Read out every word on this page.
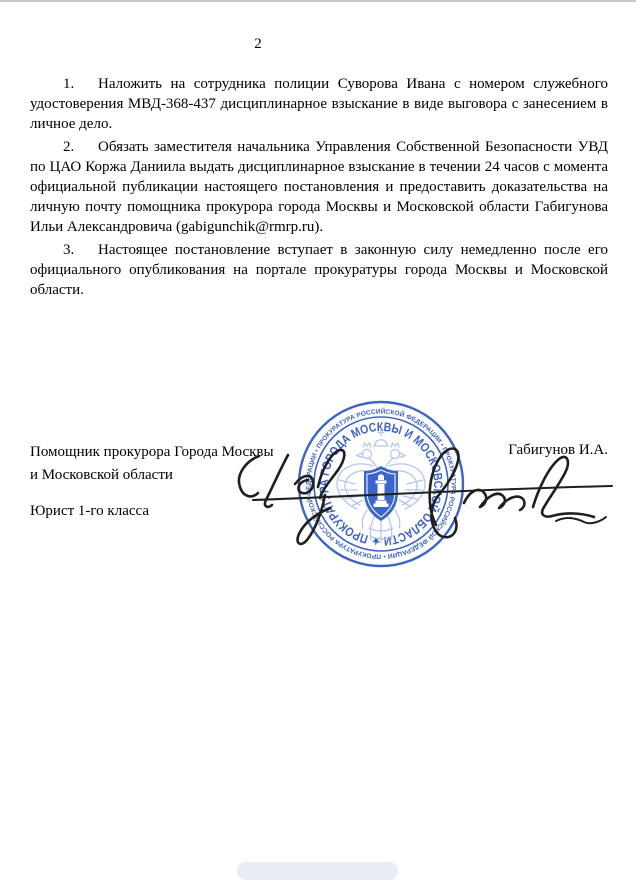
2

1. Наложить на сотрудника полиции Суворова Ивана с номером служебного удостоверения МВД-368-437 дисциплинарное взыскание в виде выговора с занесением в личное дело.

2. Обязать заместителя начальника Управления Собственной Безопасности УВД по ЦАО Коржа Даниила выдать дисциплинарное взыскание в течении 24 часов с момента официальной публикации настоящего постановления и предоставить доказательства на личную почту помощника прокурора города Москвы и Московской области Габигунова Ильи Александровича (gabigunchik@rmrp.ru).

3. Настоящее постановление вступает в законную силу немедленно после его официального опубликования на портале прокуратуры города Москвы и Московской области.

Помощник прокурора Города Москвы
и Московской области
Юрист 1-го класса
Габигунов И.А.
ПРОКУРАТУРА РОССИЙСКОЙ ФЕДЕРАЦИИ • ПРОКУРАТУРА РОССИЙСКОЙ ФЕДЕРАЦИИ • ПРОКУРАТУРА РОССИЙСКОЙ ФЕДЕРАЦИИ •
★ ПРОКУРАТУРА ГОРОДА МОСКВЫ И МОСКОВСКОЙ ОБЛАСТИ
